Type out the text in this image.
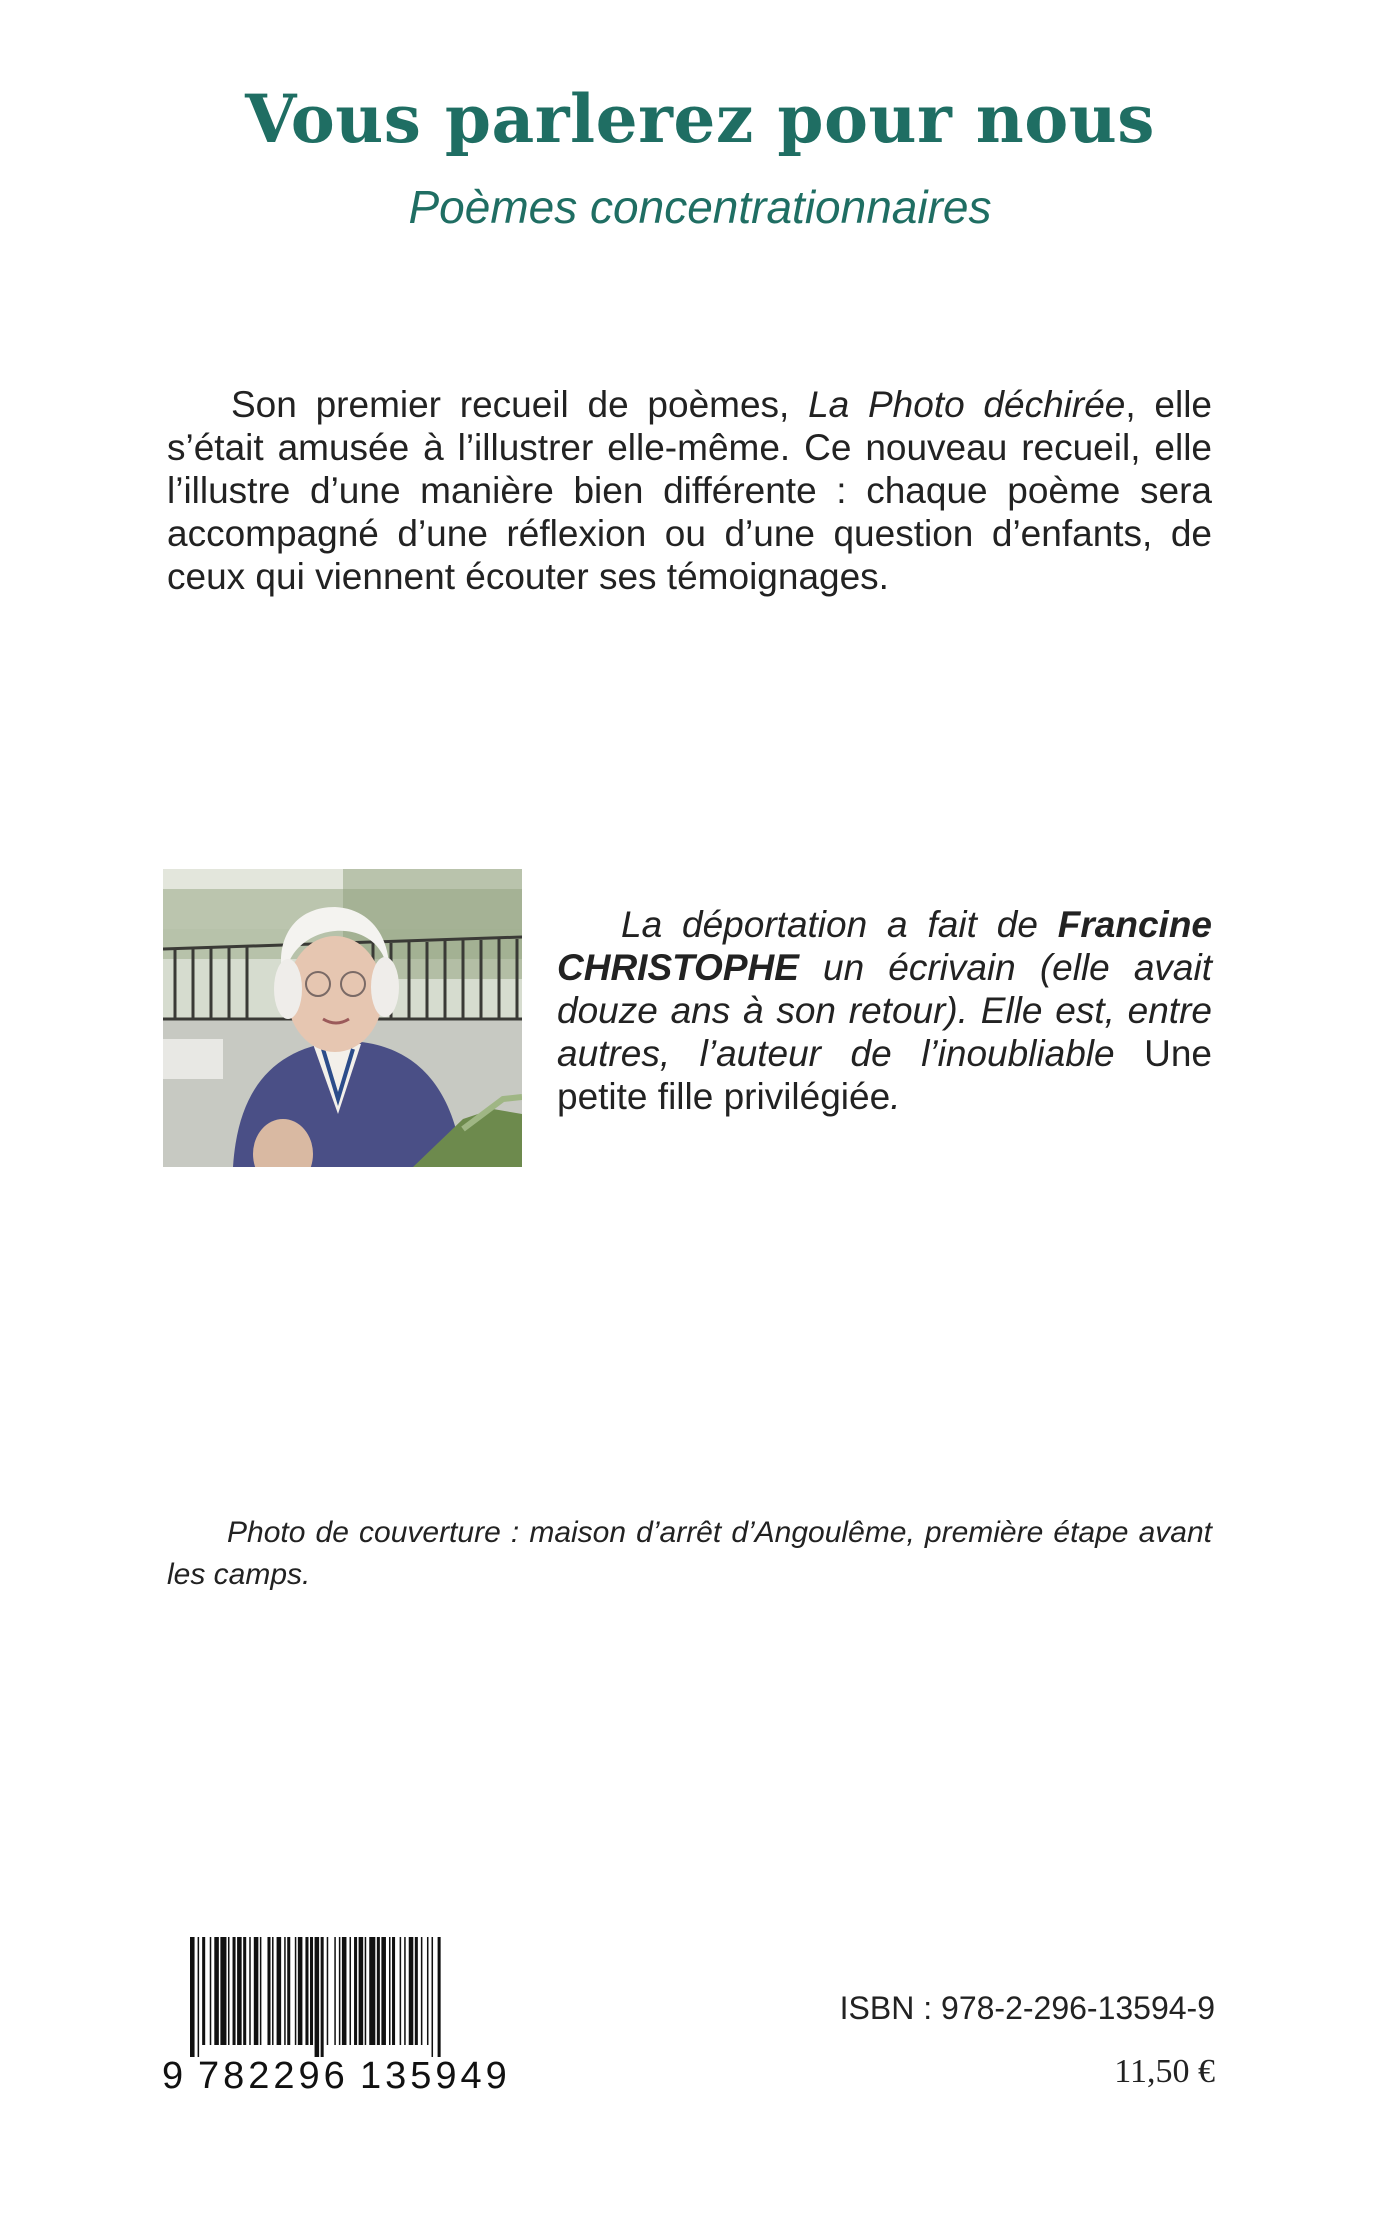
Vous parlerez pour nous
Poèmes concentrationnaires

Son premier recueil de poèmes, La Photo déchirée, elle s’était amusée à l’illustrer elle-même. Ce nouveau recueil, elle l’illustre d’une manière bien différente : chaque poème sera accompagné d’une réflexion ou d’une question d’enfants, de ceux qui viennent écouter ses témoignages.

La déportation a fait de Francine CHRISTOPHE un écrivain (elle avait douze ans à son retour). Elle est, entre autres, l’auteur de l’inoubliable Une petite fille privilégiée.

Photo de couverture : maison d’arrêt d’Angoulême, première étape avant les camps.

9 782296 135949
ISBN : 978-2-296-13594-9
11,50 €
